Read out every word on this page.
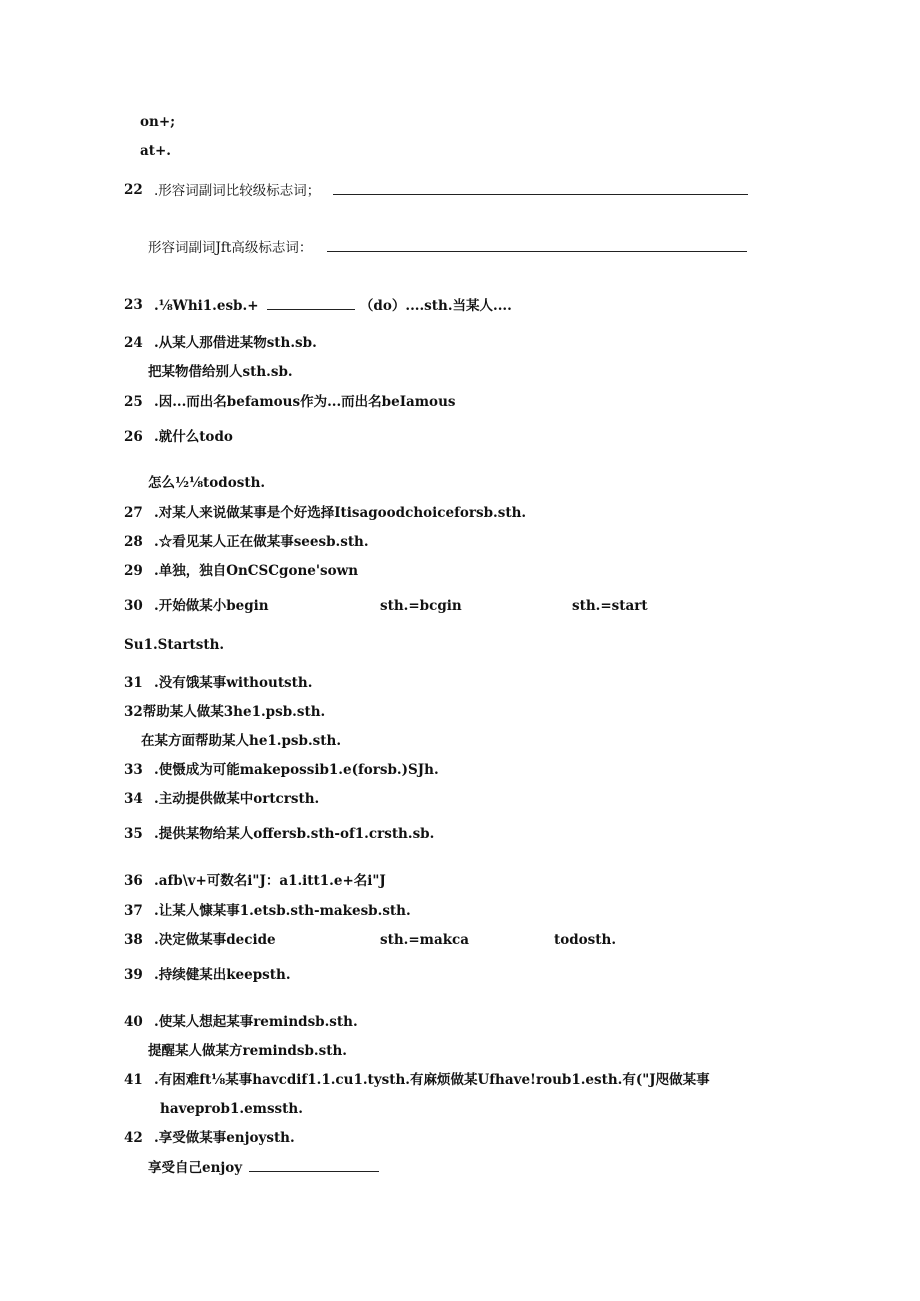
on+;
at+.
22 .形容词副词比较级标志词；
形容词副词Jft高级标志词：
23 .⅛Whi1.esb.+	（do）....sth.当某人....
24 .从某人那借进某物sth.sb.
把某物借给别人sth.sb.
25 .因...而出名befamous作为...而出名beIamous
26 .就什么todo
怎么½⅛todosth.
27 .对某人来说做某事是个好选择Itisagoodchoiceforsb.sth.
28 .☆看见某人正在做某事seesb.sth.
29 .单独，独自OnCSCgone'sown
30 .开始做某小begin	sth.=bcgin	sth.=start
Su1.Startsth.
31 .没有饿某事withoutsth.
32帮助某人做某3he1.psb.sth.
在某方面帮助某人he1.psb.sth.
33 .使慑成为可能makepossib1.e(forsb.)SJh.
34 .主动提供做某中ortcrsth.
35 .提供某物给某人offersb.sth-of1.crsth.sb.
36 .afb\v+可数名i"J：a1.itt1.e+名i"J
37 .让某人慷某事1.etsb.sth-makesb.sth.
38 .决定做某事decide	sth.=makca	todosth.
39 .持续健某出keepsth.
40 .使某人想起某事remindsb.sth.
提醒某人做某方remindsb.sth.
41 .有困难ft⅛某事havcdif1.1.cu1.tysth.有麻烦做某Ufhave!roub1.esth.有("J咫做某事
haveprob1.emssth.
42 .享受做某事enjoysth.
享受自己enjoy
